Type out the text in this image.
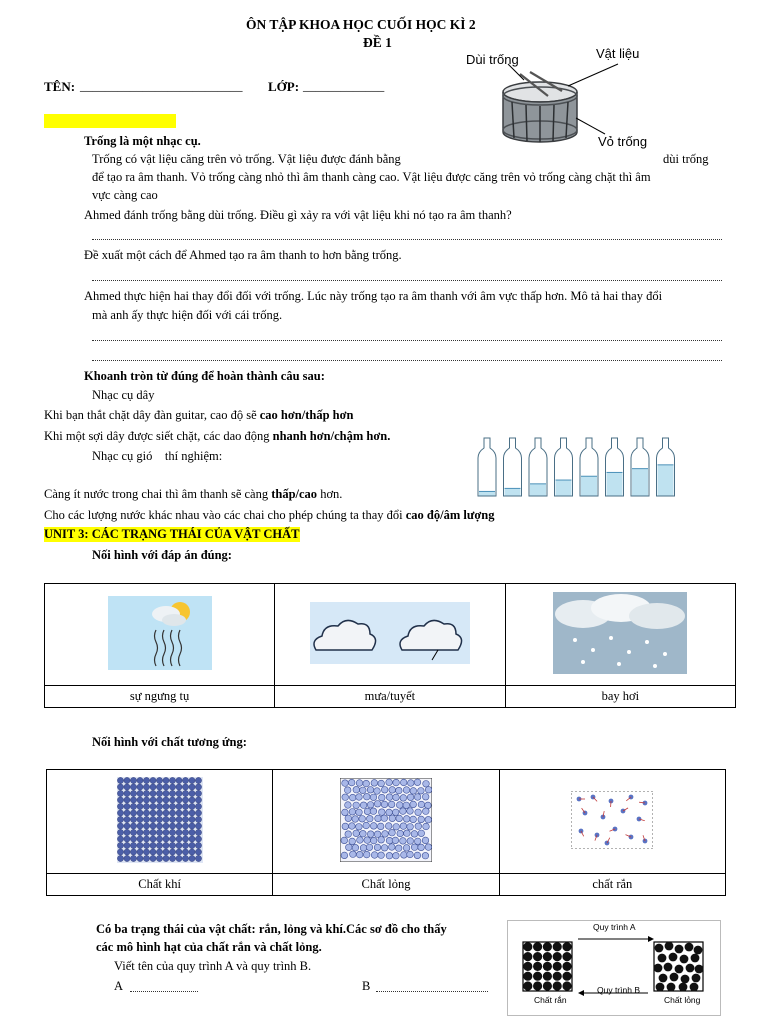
ÔN TẬP KHOA HỌC CUỐI HỌC KÌ 2
ĐỀ 1
TÊN: __________________________ LỚP: _____________
Dùi trống	Vật liệu
Vỏ trống
Trống là một nhạc cụ.
Trống có vật liệu căng trên vỏ trống. Vật liệu được đánh bằng	dùi trống
để tạo ra âm thanh. Vỏ trống càng nhỏ thì âm thanh càng cao. Vật liệu được căng trên vỏ trống càng chặt thì âm
vực càng cao
Ahmed đánh trống bằng dùi trống. Điều gì xảy ra với vật liệu khi nó tạo ra âm thanh?
Đề xuất một cách để Ahmed tạo ra âm thanh to hơn bằng trống.
Ahmed thực hiện hai thay đổi đối với trống. Lúc này trống tạo ra âm thanh với âm vực thấp hơn. Mô tả hai thay đổi
mà anh ấy thực hiện đối với cái trống.
Khoanh tròn từ đúng để hoàn thành câu sau:
Nhạc cụ dây
Khi bạn thắt chặt dây đàn guitar, cao độ sẽ cao hơn/thấp hơn
Khi một sợi dây được siết chặt, các dao động nhanh hơn/chậm hơn.
Nhạc cụ gió    thí nghiệm:
Càng ít nước trong chai thì âm thanh sẽ càng thấp/cao hơn.
Cho các lượng nước khác nhau vào các chai cho phép chúng ta thay đổi cao độ/âm lượng
UNIT 3: CÁC TRẠNG THÁI CỦA VẬT CHẤT
Nối hình với đáp án đúng:

sự ngưng tụ	mưa/tuyết	bay hơi
Nối hình với chất tương ứng:

Chất khí	Chất lỏng	chất rắn
Có ba trạng thái của vật chất: rắn, lỏng và khí.Các sơ đồ cho thấy
các mô hình hạt của chất rắn và chất lỏng.
Viết tên của quy trình A và quy trình B.
A	B
Quy trình A
Quy trình B
Chất rắn	Chất lỏng
